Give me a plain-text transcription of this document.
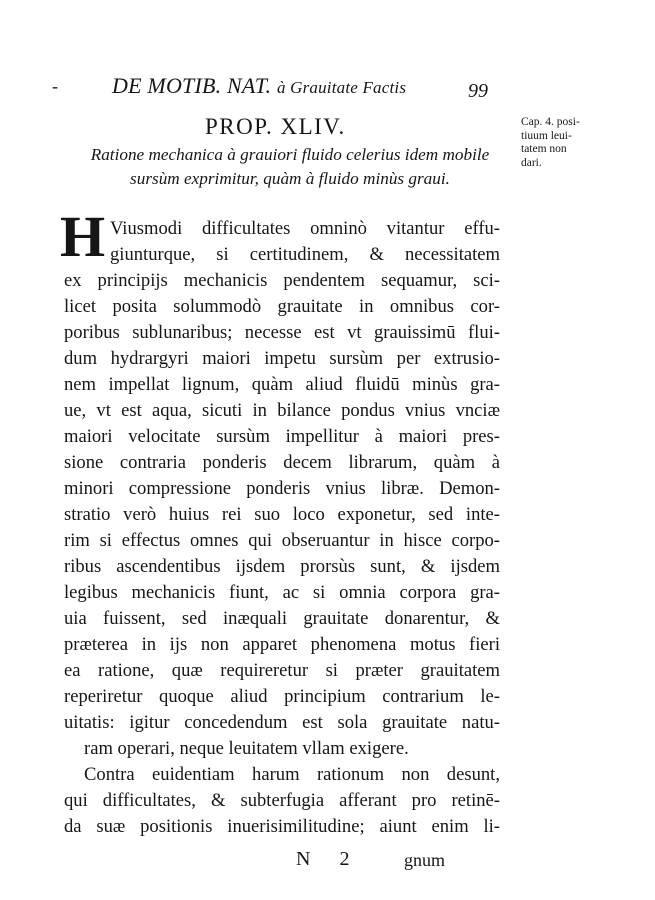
- DE MOTIB. NAT. à Grauitate Factis	99
Cap. 4. posi-
tiuum leui-
tatem non
dari.
PROP. XLIV.
Ratione mechanica à grauiori fluido celerius idem mobile sursùm exprimitur, quàm à fluido minùs graui.
H Viusmodi difficultates omninò vitantur effu-
giunturque, si certitudinem, & necessitatem
ex principijs mechanicis pendentem sequamur, sci-
licet posita solummodò grauitate in omnibus cor-
poribus sublunaribus; necesse est vt grauissimū flui-
dum hydrargyri maiori impetu sursùm per extrusio-
nem impellat lignum, quàm aliud fluidū minùs gra-
ue, vt est aqua, sicuti in bilance pondus vnius vnciæ
maiori velocitate sursùm impellitur à maiori pres-
sione contraria ponderis decem librarum, quàm à
minori compressione ponderis vnius libræ. Demon-
stratio verò huius rei suo loco exponetur, sed inte-
rim si effectus omnes qui obseruantur in hisce corpo-
ribus ascendentibus ijsdem prorsùs sunt, & ijsdem
legibus mechanicis fiunt, ac si omnia corpora gra-
uia fuissent, sed inæquali grauitate donarentur, &
præterea in ijs non apparet phenomena motus fieri
ea ratione, quæ requireretur si præter grauitatem
reperiretur quoque aliud principium contrarium le-
uitatis: igitur concedendum est sola grauitate natu-
ram operari, neque leuitatem vllam exigere.
Contra euidentiam harum rationum non desunt,
qui difficultates, & subterfugia afferant pro retinē-
da suæ positionis inuerisimilitudine; aiunt enim li-
N 2 gnum
